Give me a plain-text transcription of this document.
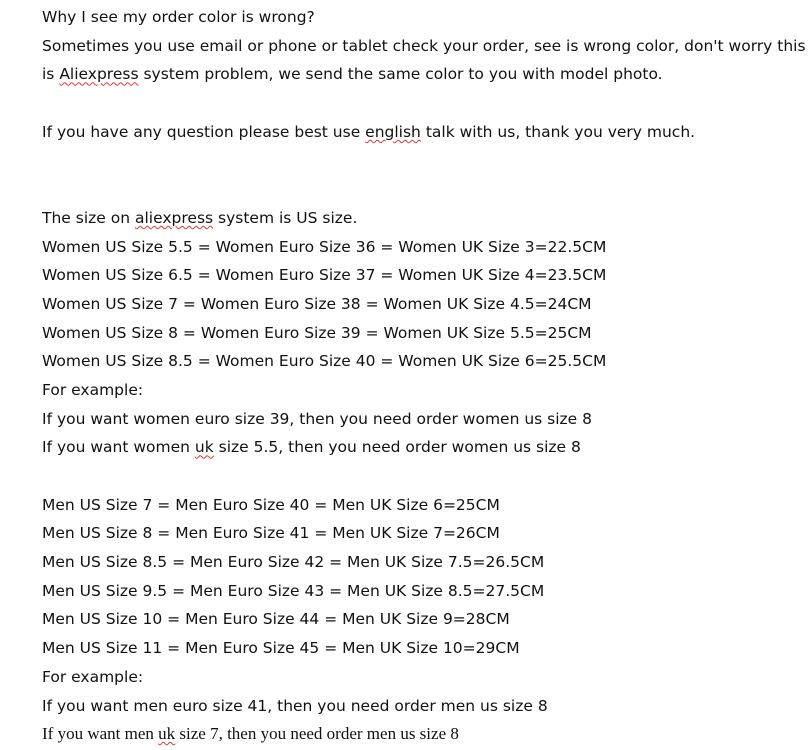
Why I see my order color is wrong?
Sometimes you use email or phone or tablet check your order, see is wrong color, don't worry this
is Aliexpress system problem, we send the same color to you with model photo.
If you have any question please best use english talk with us, thank you very much.
The size on aliexpress system is US size.
Women US Size 5.5 = Women Euro Size 36 = Women UK Size 3=22.5CM
Women US Size 6.5 = Women Euro Size 37 = Women UK Size 4=23.5CM
Women US Size 7 = Women Euro Size 38 = Women UK Size 4.5=24CM
Women US Size 8 = Women Euro Size 39 = Women UK Size 5.5=25CM
Women US Size 8.5 = Women Euro Size 40 = Women UK Size 6=25.5CM
For example:
If you want women euro size 39, then you need order women us size 8
If you want women uk size 5.5, then you need order women us size 8
Men US Size 7 = Men Euro Size 40 = Men UK Size 6=25CM
Men US Size 8 = Men Euro Size 41 = Men UK Size 7=26CM
Men US Size 8.5 = Men Euro Size 42 = Men UK Size 7.5=26.5CM
Men US Size 9.5 = Men Euro Size 43 = Men UK Size 8.5=27.5CM
Men US Size 10 = Men Euro Size 44 = Men UK Size 9=28CM
Men US Size 11 = Men Euro Size 45 = Men UK Size 10=29CM
For example:
If you want men euro size 41, then you need order men us size 8
If you want men uk size 7, then you need order men us size 8
